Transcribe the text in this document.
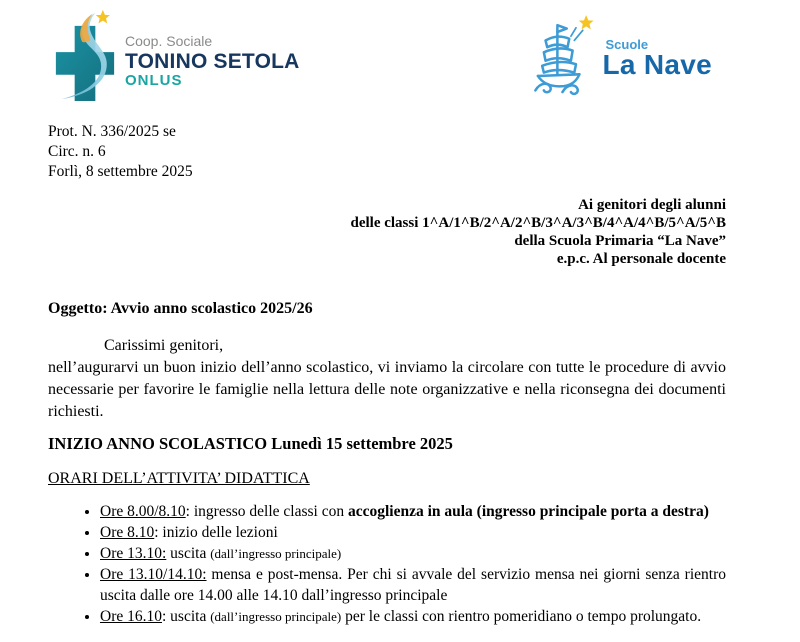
Coop. Sociale
TONINO SETOLA
ONLUS
Scuole
La Nave
Prot. N. 336/2025 se
Circ. n. 6
Forlì, 8 settembre 2025
Ai genitori degli alunni
delle classi 1^A/1^B/2^A/2^B/3^A/3^B/4^A/4^B/5^A/5^B
della Scuola Primaria “La Nave”
e.p.c. Al personale docente
Oggetto: Avvio anno scolastico 2025/26
Carissimi genitori,

nell’augurarvi un buon inizio dell’anno scolastico, vi inviamo la circolare con tutte le procedure di avvio necessarie per favorire le famiglie nella lettura delle note organizzative e nella riconsegna dei documenti richiesti.

INIZIO ANNO SCOLASTICO Lunedì 15 settembre 2025
ORARI DELL’ATTIVITA’ DIDATTICA
• Ore 8.00/8.10: ingresso delle classi con accoglienza in aula (ingresso principale porta a destra)
• Ore 8.10: inizio delle lezioni
• Ore 13.10: uscita (dall’ingresso principale)
• Ore 13.10/14.10: mensa e post-mensa. Per chi si avvale del servizio mensa nei giorni senza rientro uscita dalle ore 14.00 alle 14.10 dall’ingresso principale
• Ore 16.10: uscita (dall’ingresso principale) per le classi con rientro pomeridiano o tempo prolungato.
